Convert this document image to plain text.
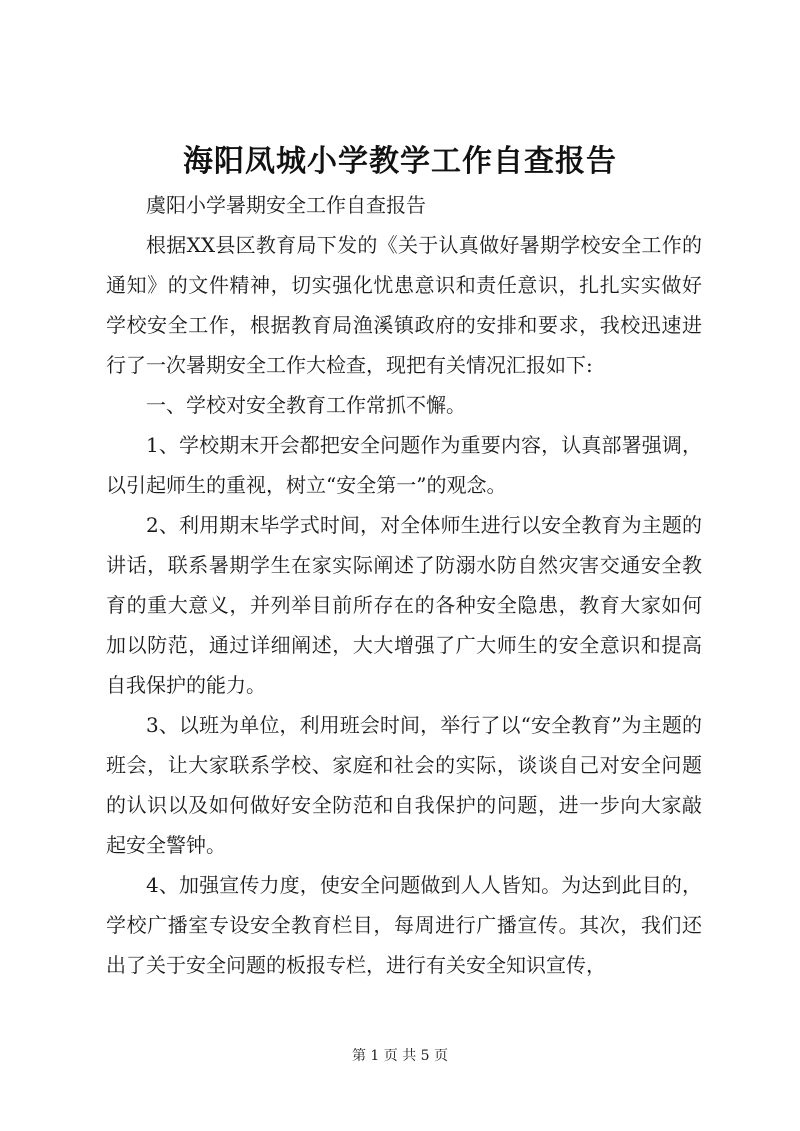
海阳凤城小学教学工作自查报告

虞阳小学暑期安全工作自查报告

根据XX县区教育局下发的《关于认真做好暑期学校安全工作的通知》的文件精神，切实强化忧患意识和责任意识，扎扎实实做好学校安全工作，根据教育局渔溪镇政府的安排和要求，我校迅速进行了一次暑期安全工作大检查，现把有关情况汇报如下:

一、学校对安全教育工作常抓不懈。

1、学校期末开会都把安全问题作为重要内容，认真部署强调，以引起师生的重视，树立“安全第一”的观念。

2、利用期末毕学式时间，对全体师生进行以安全教育为主题的讲话，联系暑期学生在家实际阐述了防溺水防自然灾害交通安全教育的重大意义，并列举目前所存在的各种安全隐患，教育大家如何加以防范，通过详细阐述，大大增强了广大师生的安全意识和提高自我保护的能力。

3、以班为单位，利用班会时间，举行了以“安全教育”为主题的班会，让大家联系学校、家庭和社会的实际，谈谈自己对安全问题的认识以及如何做好安全防范和自我保护的问题，进一步向大家敲起安全警钟。

4、加强宣传力度，使安全问题做到人人皆知。为达到此目的，学校广播室专设安全教育栏目，每周进行广播宣传。其次，我们还出了关于安全问题的板报专栏，进行有关安全知识宣传，

第 1 页 共 5 页
